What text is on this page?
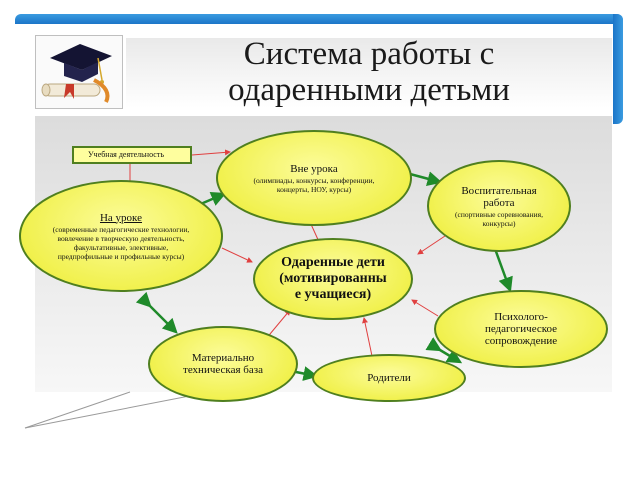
Система работы с
одаренными детьми
Учебная деятельность
Вне урока
(олимпиады, конкурсы, конференции, концерты, НОУ, курсы)
На уроке
(современные педагогические технологии, вовлечение в творческую деятельность, факультативные, элективные, предпрофильные и профильные курсы)
Воспитательная работа
(спортивные соревнования, конкурсы)
Одаренные дети
(мотивированны
е учащиеся)
Психолого-
педагогическое
сопровождение
Материально
техническая база
Родители
